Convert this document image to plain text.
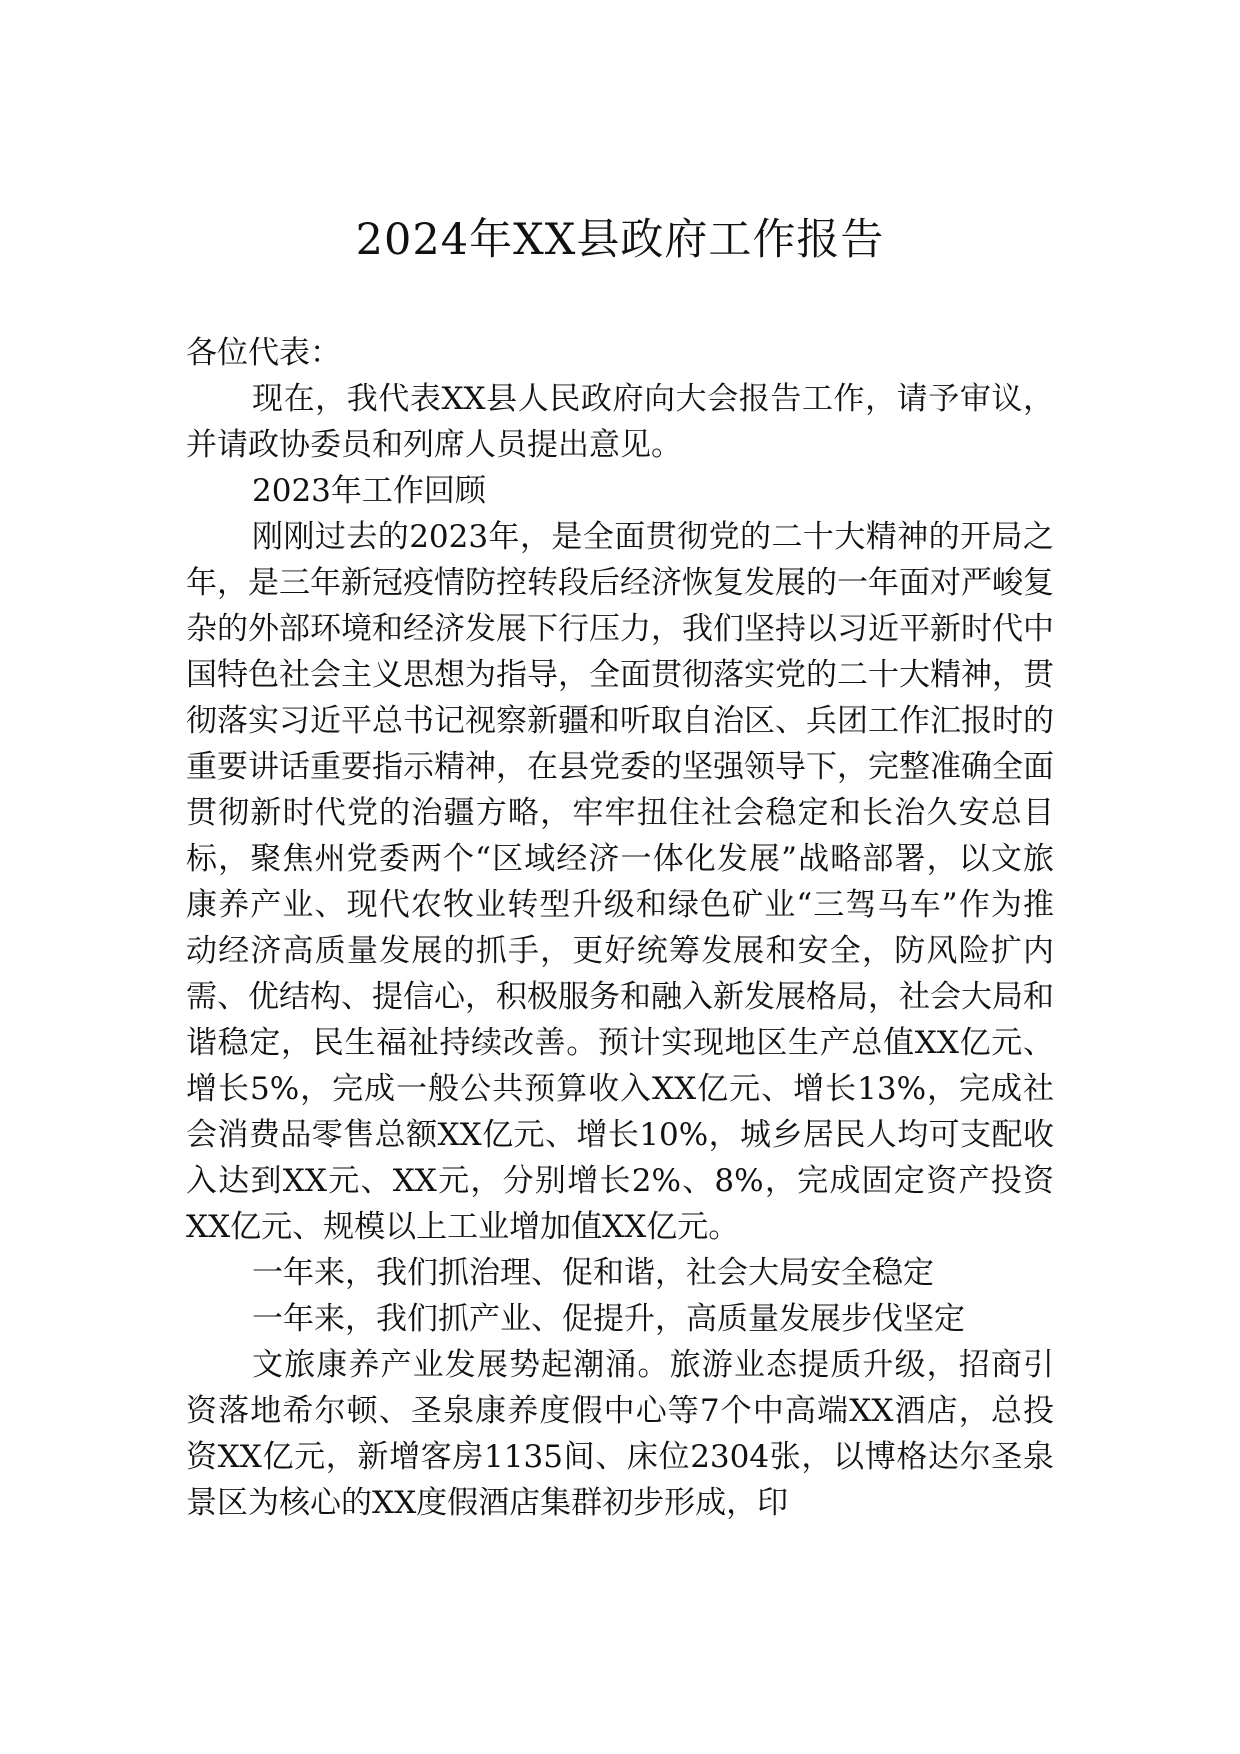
2024年XX县政府工作报告

各位代表：

现在，我代表XX县人民政府向大会报告工作，请予审议，并请政协委员和列席人员提出意见。

2023年工作回顾

刚刚过去的2023年，是全面贯彻党的二十大精神的开局之年，是三年新冠疫情防控转段后经济恢复发展的一年面对严峻复杂的外部环境和经济发展下行压力，我们坚持以习近平新时代中国特色社会主义思想为指导，全面贯彻落实党的二十大精神，贯彻落实习近平总书记视察新疆和听取自治区、兵团工作汇报时的重要讲话重要指示精神，在县党委的坚强领导下，完整准确全面贯彻新时代党的治疆方略，牢牢扭住社会稳定和长治久安总目标，聚焦州党委两个“区域经济一体化发展”战略部署，以文旅康养产业、现代农牧业转型升级和绿色矿业“三驾马车”作为推动经济高质量发展的抓手，更好统筹发展和安全，防风险扩内需、优结构、提信心，积极服务和融入新发展格局，社会大局和谐稳定，民生福祉持续改善。预计实现地区生产总值XX亿元、增长5%，完成一般公共预算收入XX亿元、增长13%，完成社会消费品零售总额XX亿元、增长10%，城乡居民人均可支配收入达到XX元、XX元，分别增长2%、8%，完成固定资产投资XX亿元、规模以上工业增加值XX亿元。

一年来，我们抓治理、促和谐，社会大局安全稳定

一年来，我们抓产业、促提升，高质量发展步伐坚定

文旅康养产业发展势起潮涌。旅游业态提质升级，招商引资落地希尔顿、圣泉康养度假中心等7个中高端XX酒店，总投资XX亿元，新增客房1135间、床位2304张，以博格达尔圣泉景区为核心的XX度假酒店集群初步形成，印
